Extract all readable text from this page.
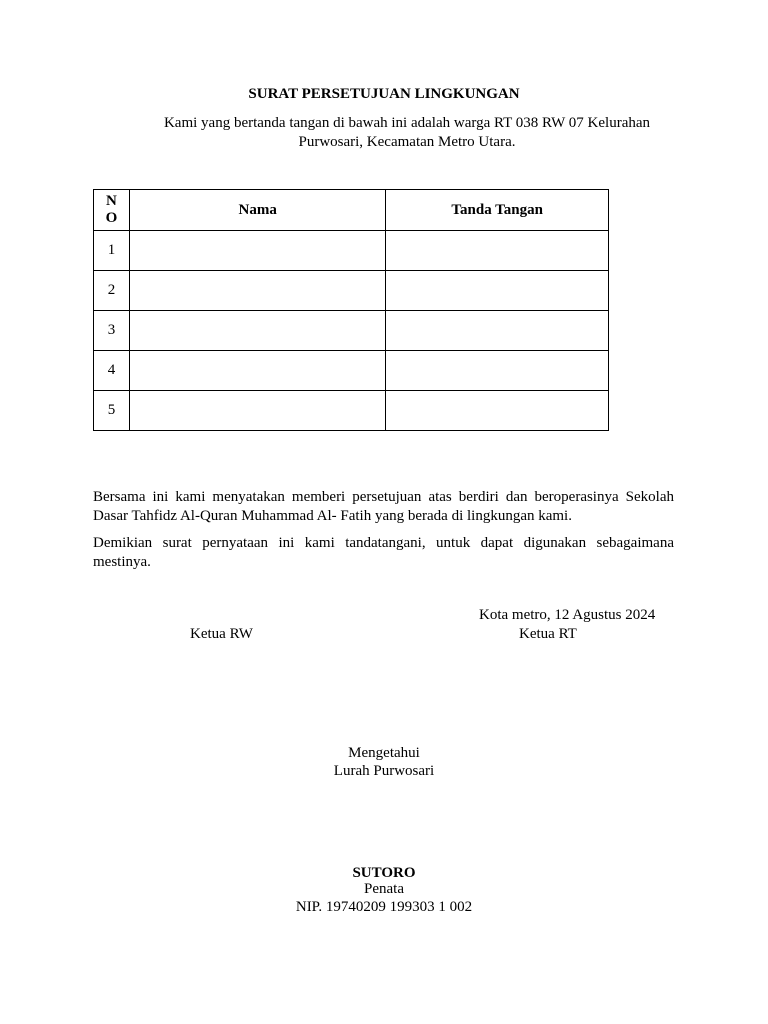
SURAT PERSETUJUAN LINGKUNGAN
Kami yang bertanda tangan di bawah ini adalah warga RT 038 RW 07 Kelurahan Purwosari, Kecamatan Metro Utara.
N
O	Nama	Tanda Tangan
1		
2		
3		
4		
5		
Bersama ini kami menyatakan memberi persetujuan atas berdiri dan beroperasinya Sekolah Dasar Tahfidz Al-Quran Muhammad Al- Fatih yang berada di lingkungan kami.
Demikian surat pernyataan ini kami tandatangani, untuk dapat digunakan sebagaimana mestinya.
Kota metro, 12 Agustus 2024
Ketua RW	Ketua RT
Mengetahui
Lurah Purwosari
SUTORO
Penata
NIP. 19740209 199303 1 002
